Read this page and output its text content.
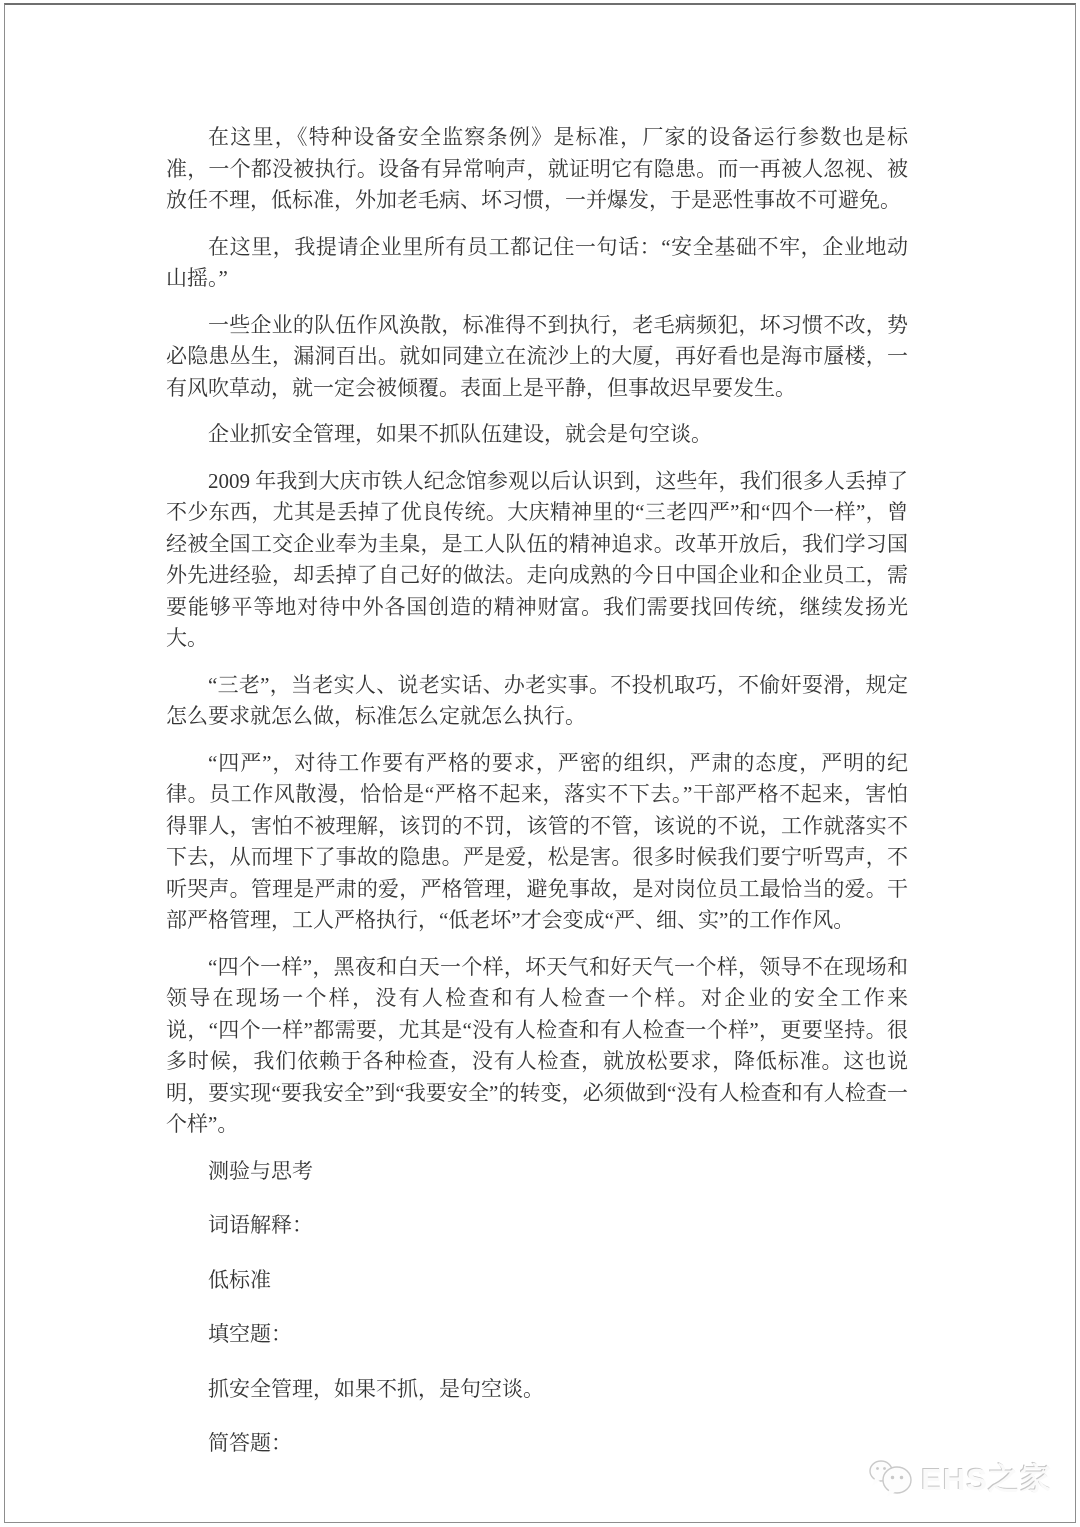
在这里，《特种设备安全监察条例》是标准，厂家的设备运行参数也是标准，一个都没被执行。设备有异常响声，就证明它有隐患。而一再被人忽视、被放任不理，低标准，外加老毛病、坏习惯，一并爆发，于是恶性事故不可避免。

在这里，我提请企业里所有员工都记住一句话：“安全基础不牢，企业地动山摇。”

一些企业的队伍作风涣散，标准得不到执行，老毛病频犯，坏习惯不改，势必隐患丛生，漏洞百出。就如同建立在流沙上的大厦，再好看也是海市蜃楼，一有风吹草动，就一定会被倾覆。表面上是平静，但事故迟早要发生。

企业抓安全管理，如果不抓队伍建设，就会是句空谈。

2009 年我到大庆市铁人纪念馆参观以后认识到，这些年，我们很多人丢掉了不少东西，尤其是丢掉了优良传统。大庆精神里的“三老四严”和“四个一样”，曾经被全国工交企业奉为圭臬，是工人队伍的精神追求。改革开放后，我们学习国外先进经验，却丢掉了自己好的做法。走向成熟的今日中国企业和企业员工，需要能够平等地对待中外各国创造的精神财富。我们需要找回传统，继续发扬光大。

“三老”，当老实人、说老实话、办老实事。不投机取巧，不偷奸耍滑，规定怎么要求就怎么做，标准怎么定就怎么执行。

“四严”，对待工作要有严格的要求，严密的组织，严肃的态度，严明的纪律。员工作风散漫，恰恰是“严格不起来，落实不下去。”干部严格不起来，害怕得罪人，害怕不被理解，该罚的不罚，该管的不管，该说的不说，工作就落实不下去，从而埋下了事故的隐患。严是爱，松是害。很多时候我们要宁听骂声，不听哭声。管理是严肃的爱，严格管理，避免事故，是对岗位员工最恰当的爱。干部严格管理，工人严格执行，“低老坏”才会变成“严、细、实”的工作作风。

“四个一样”，黑夜和白天一个样，坏天气和好天气一个样，领导不在现场和领导在现场一个样，没有人检查和有人检查一个样。对企业的安全工作来说，“四个一样”都需要，尤其是“没有人检查和有人检查一个样”，更要坚持。很多时候，我们依赖于各种检查，没有人检查，就放松要求，降低标准。这也说明，要实现“要我安全”到“我要安全”的转变，必须做到“没有人检查和有人检查一个样”。

测验与思考

词语解释：

低标准

填空题：

抓安全管理，如果不抓，是句空谈。

简答题：

EHS之家
